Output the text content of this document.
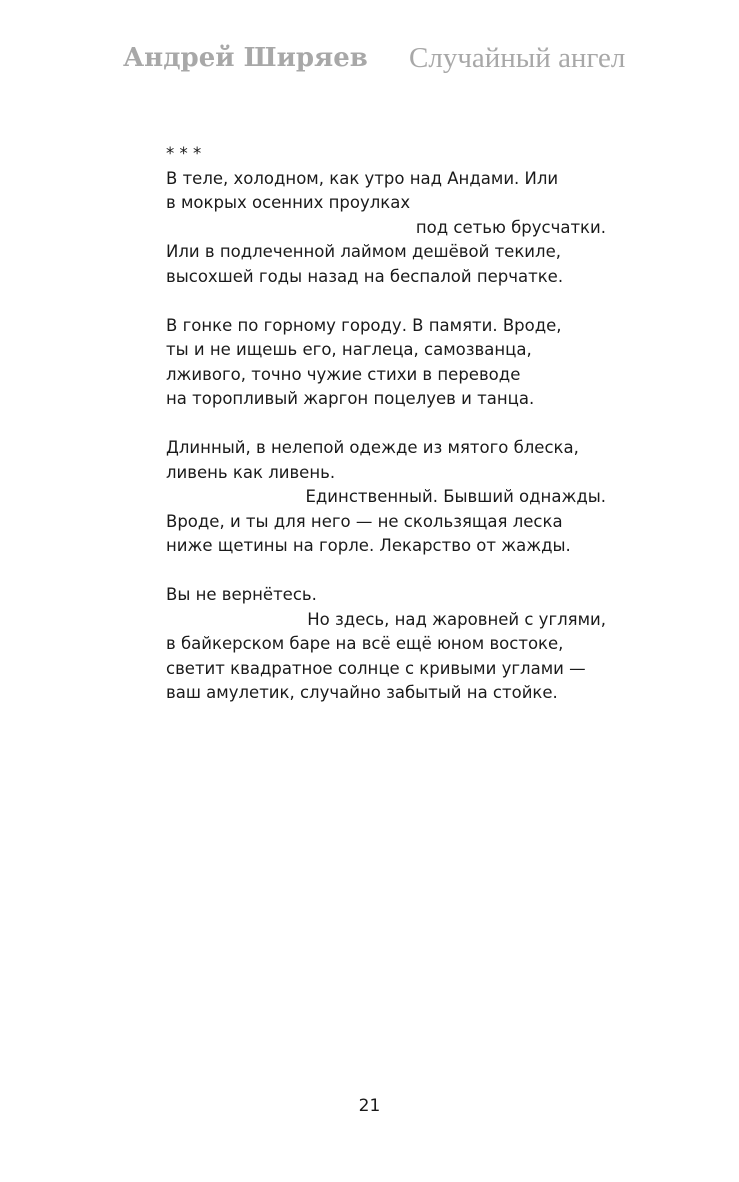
Андрей Ширяев Случайный ангел
* * *
В теле, холодном, как утро над Андами. Или
в мокрых осенних проулках
под сетью брусчатки.
Или в подлеченной лаймом дешёвой текиле,
высохшей годы назад на беспалой перчатке.
В гонке по горному городу. В памяти. Вроде,
ты и не ищешь его, наглеца, самозванца,
лживого, точно чужие стихи в переводе
на торопливый жаргон поцелуев и танца.
Длинный, в нелепой одежде из мятого блеска,
ливень как ливень.
Единственный. Бывший однажды.
Вроде, и ты для него — не скользящая леска
ниже щетины на горле. Лекарство от жажды.
Вы не вернётесь.
Но здесь, над жаровней с углями,
в байкерском баре на всё ещё юном востоке,
светит квадратное солнце с кривыми углами —
ваш амулетик, случайно забытый на стойке.
21
